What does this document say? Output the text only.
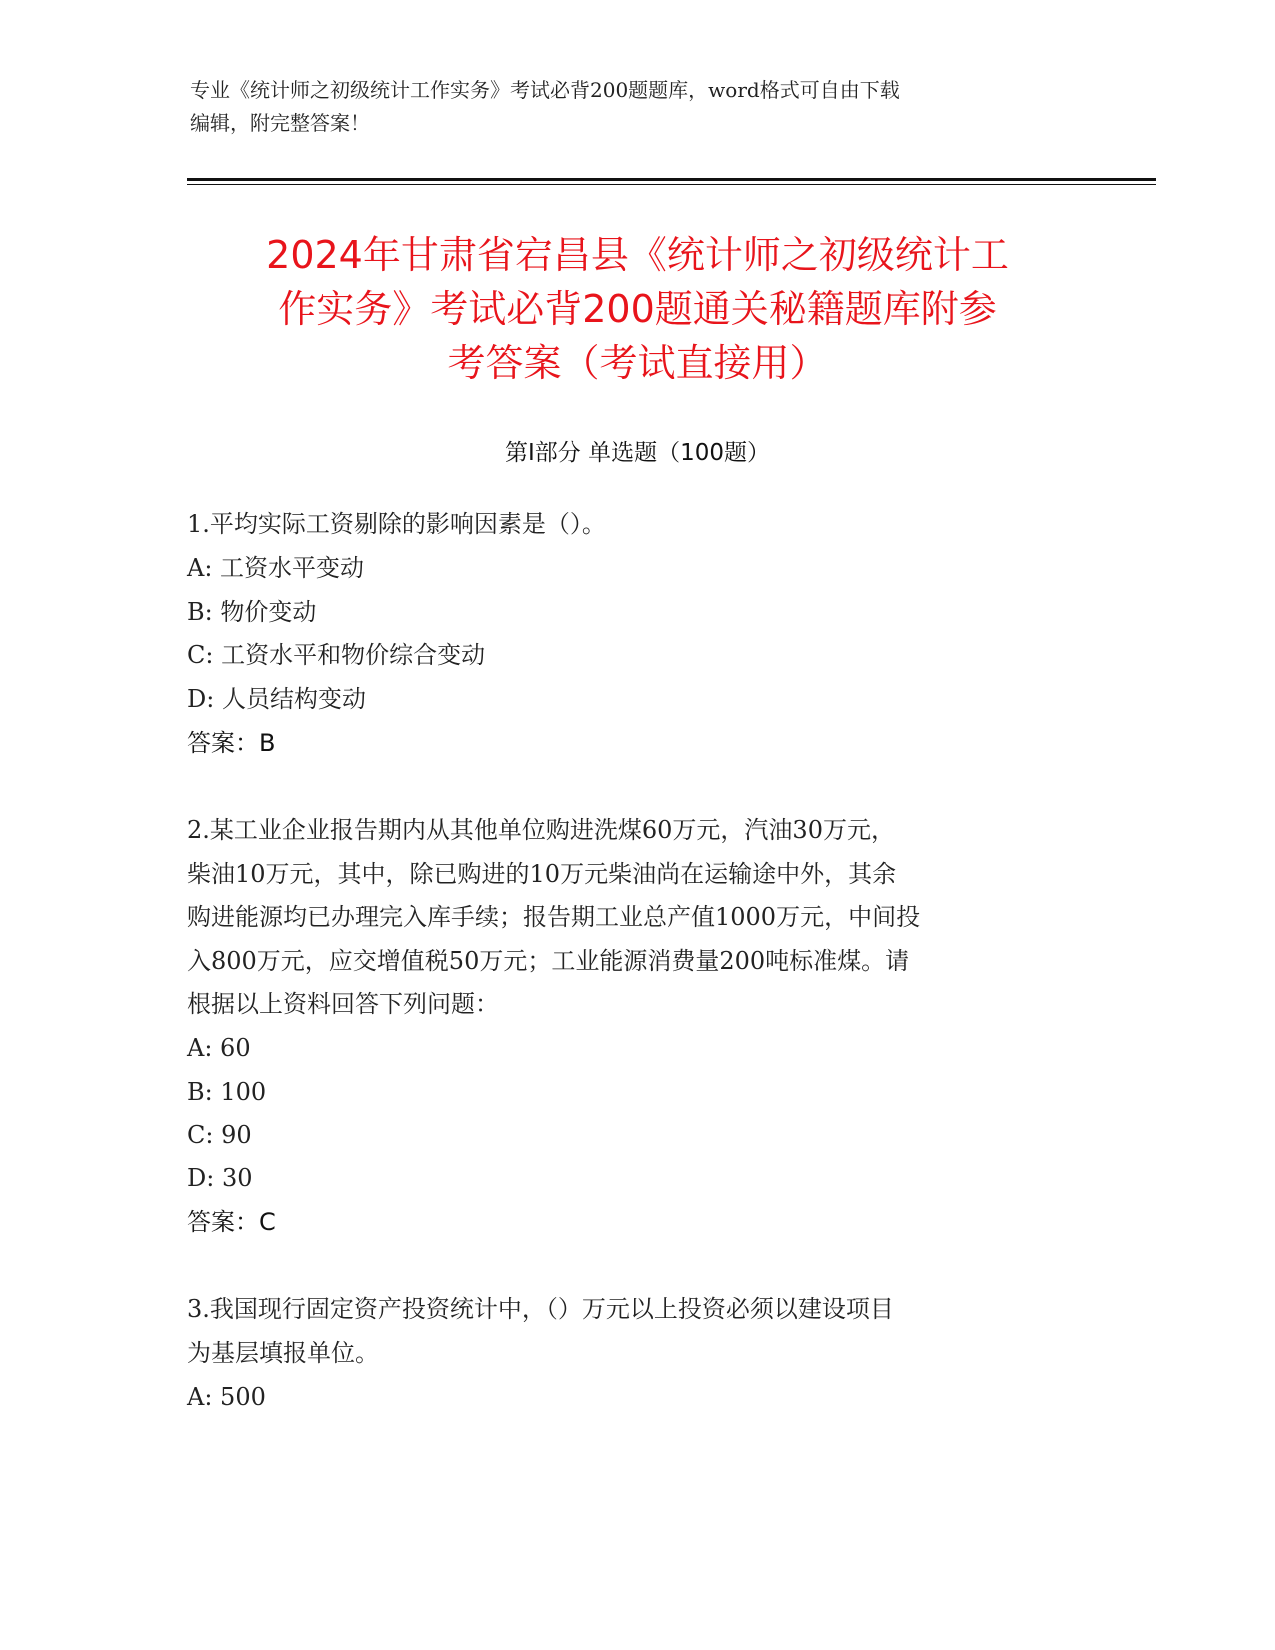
专业《统计师之初级统计工作实务》考试必背200题题库，word格式可自由下载
编辑，附完整答案！
2024年甘肃省宕昌县《统计师之初级统计工
作实务》考试必背200题通关秘籍题库附参
考答案（考试直接用）
第I部分 单选题（100题）
1.平均实际工资剔除的影响因素是（）。
A: 工资水平变动
B: 物价变动
C: 工资水平和物价综合变动
D: 人员结构变动
答案：B
2.某工业企业报告期内从其他单位购进洗煤60万元，汽油30万元，
柴油10万元，其中，除已购进的10万元柴油尚在运输途中外，其余
购进能源均已办理完入库手续；报告期工业总产值1000万元，中间投
入800万元，应交增值税50万元；工业能源消费量200吨标准煤。请
根据以上资料回答下列问题：
A: 60
B: 100
C: 90
D: 30
答案：C
3.我国现行固定资产投资统计中，（）万元以上投资必须以建设项目
为基层填报单位。
A: 500
